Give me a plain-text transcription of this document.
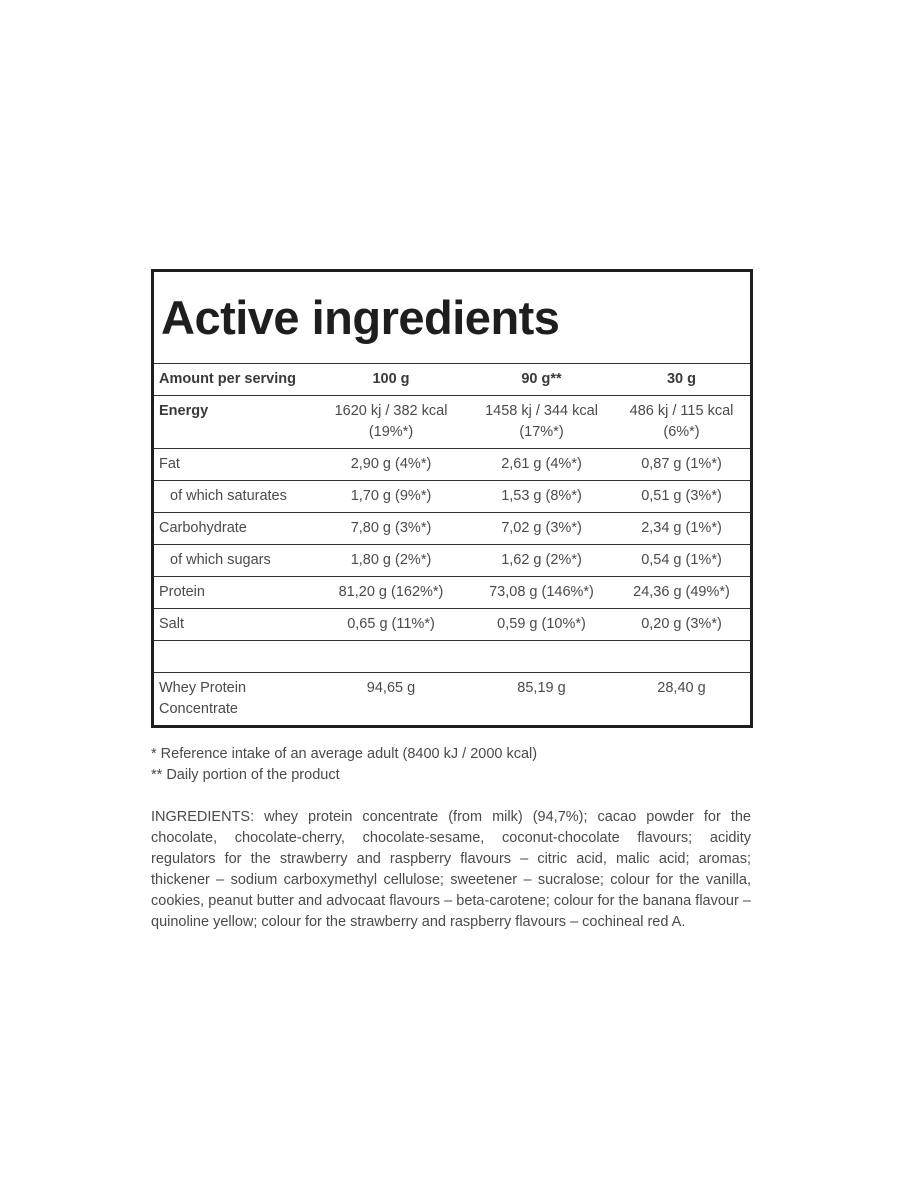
Active ingredients
Amount per serving	100 g	90 g**	30 g
Energy	1620 kj / 382 kcal (19%*)	1458 kj / 344 kcal (17%*)	486 kj / 115 kcal (6%*)
Fat	2,90 g (4%*)	2,61 g (4%*)	0,87 g (1%*)
of which saturates	1,70 g (9%*)	1,53 g (8%*)	0,51 g (3%*)
Carbohydrate	7,80 g (3%*)	7,02 g (3%*)	2,34 g (1%*)
of which sugars	1,80 g (2%*)	1,62 g (2%*)	0,54 g (1%*)
Protein	81,20 g (162%*)	73,08 g (146%*)	24,36 g (49%*)
Salt	0,65 g (11%*)	0,59 g (10%*)	0,20 g (3%*)

Whey Protein Concentrate	94,65 g	85,19 g	28,40 g
* Reference intake of an average adult (8400 kJ / 2000 kcal)
** Daily portion of the product
INGREDIENTS: whey protein concentrate (from milk) (94,7%); cacao powder for the chocolate, chocolate-cherry, chocolate-sesame, coconut-chocolate flavours; acidity regulators for the strawberry and raspberry flavours – citric acid, malic acid; aromas; thickener – sodium carboxymethyl cellulose; sweetener – sucralose; colour for the vanilla, cookies, peanut butter and advocaat flavours – beta-carotene; colour for the banana flavour – quinoline yellow; colour for the strawberry and raspberry flavours – cochineal red A.
